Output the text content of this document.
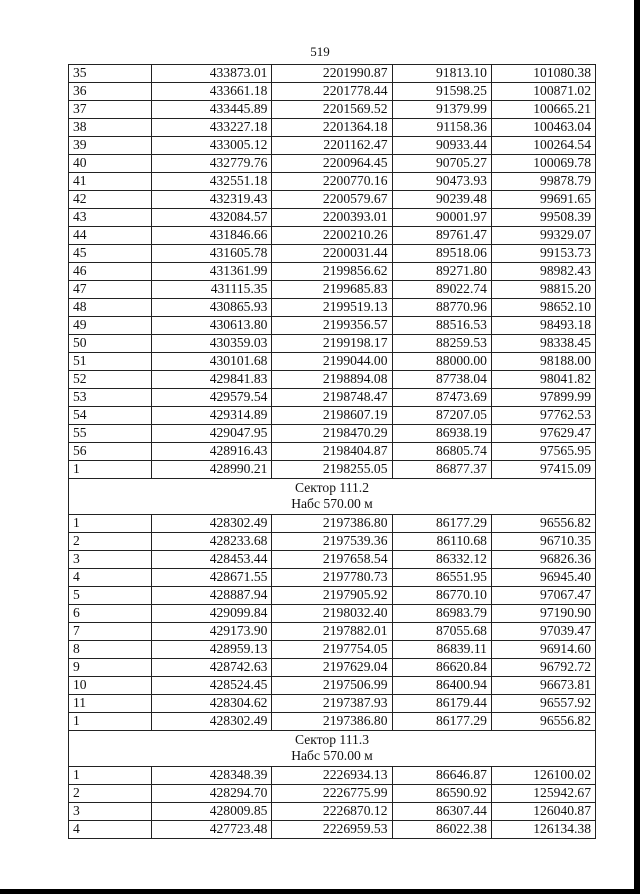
519
35	433873.01	2201990.87	91813.10	101080.38
36	433661.18	2201778.44	91598.25	100871.02
37	433445.89	2201569.52	91379.99	100665.21
38	433227.18	2201364.18	91158.36	100463.04
39	433005.12	2201162.47	90933.44	100264.54
40	432779.76	2200964.45	90705.27	100069.78
41	432551.18	2200770.16	90473.93	99878.79
42	432319.43	2200579.67	90239.48	99691.65
43	432084.57	2200393.01	90001.97	99508.39
44	431846.66	2200210.26	89761.47	99329.07
45	431605.78	2200031.44	89518.06	99153.73
46	431361.99	2199856.62	89271.80	98982.43
47	431115.35	2199685.83	89022.74	98815.20
48	430865.93	2199519.13	88770.96	98652.10
49	430613.80	2199356.57	88516.53	98493.18
50	430359.03	2199198.17	88259.53	98338.45
51	430101.68	2199044.00	88000.00	98188.00
52	429841.83	2198894.08	87738.04	98041.82
53	429579.54	2198748.47	87473.69	97899.99
54	429314.89	2198607.19	87207.05	97762.53
55	429047.95	2198470.29	86938.19	97629.47
56	428916.43	2198404.87	86805.74	97565.95
1	428990.21	2198255.05	86877.37	97415.09

Сектор 111.2
Набс 570.00 м				

1	428302.49	2197386.80	86177.29	96556.82
2	428233.68	2197539.36	86110.68	96710.35
3	428453.44	2197658.54	86332.12	96826.36
4	428671.55	2197780.73	86551.95	96945.40
5	428887.94	2197905.92	86770.10	97067.47
6	429099.84	2198032.40	86983.79	97190.90
7	429173.90	2197882.01	87055.68	97039.47
8	428959.13	2197754.05	86839.11	96914.60
9	428742.63	2197629.04	86620.84	96792.72
10	428524.45	2197506.99	86400.94	96673.81
11	428304.62	2197387.93	86179.44	96557.92
1	428302.49	2197386.80	86177.29	96556.82

Сектор 111.3
Набс 570.00 м				

1	428348.39	2226934.13	86646.87	126100.02
2	428294.70	2226775.99	86590.92	125942.67
3	428009.85	2226870.12	86307.44	126040.87
4	427723.48	2226959.53	86022.38	126134.38
